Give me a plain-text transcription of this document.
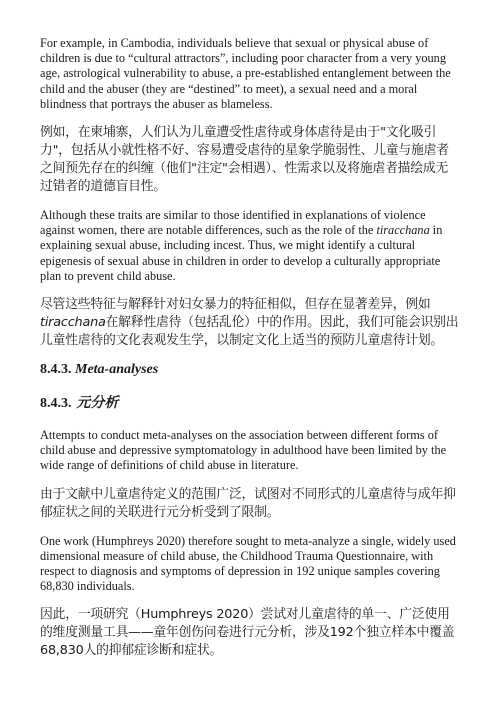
For example, in Cambodia, individuals believe that sexual or physical abuse of children is due to “cultural attractors”, including poor character from a very young age, astrological vulnerability to abuse, a pre-established entanglement between the child and the abuser (they are “destined” to meet), a sexual need and a moral blindness that portrays the abuser as blameless.

例如，在柬埔寨，人们认为儿童遭受性虐待或身体虐待是由于"文化吸引力"，包括从小就性格不好、容易遭受虐待的星象学脆弱性、儿童与施虐者之间预先存在的纠缠（他们"注定"会相遇）、性需求以及将施虐者描绘成无过错者的道德盲目性。

Although these traits are similar to those identified in explanations of violence against women, there are notable differences, such as the role of the tiracchana in explaining sexual abuse, including incest. Thus, we might identify a cultural epigenesis of sexual abuse in children in order to develop a culturally appropriate plan to prevent child abuse.

尽管这些特征与解释针对妇女暴力的特征相似，但存在显著差异，例如tiracchana在解释性虐待（包括乱伦）中的作用。因此，我们可能会识别出儿童性虐待的文化表观发生学，以制定文化上适当的预防儿童虐待计划。

8.4.3. Meta-analyses
8.4.3. 元分析

Attempts to conduct meta-analyses on the association between different forms of child abuse and depressive symptomatology in adulthood have been limited by the wide range of definitions of child abuse in literature.

由于文献中儿童虐待定义的范围广泛，试图对不同形式的儿童虐待与成年抑郁症状之间的关联进行元分析受到了限制。

One work (Humphreys 2020) therefore sought to meta-analyze a single, widely used dimensional measure of child abuse, the Childhood Trauma Questionnaire, with respect to diagnosis and symptoms of depression in 192 unique samples covering 68,830 individuals.

因此，一项研究（Humphreys 2020）尝试对儿童虐待的单一、广泛使用的维度测量工具——童年创伤问卷进行元分析，涉及192个独立样本中覆盖68,830人的抑郁症诊断和症状。
